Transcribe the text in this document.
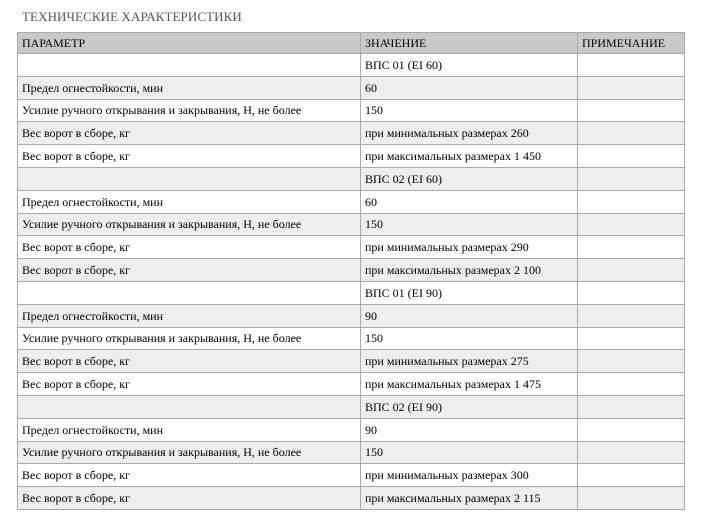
ТЕХНИЧЕСКИЕ ХАРАКТЕРИСТИКИ
ПАРАМЕТР	ЗНАЧЕНИЕ	ПРИМЕЧАНИЕ
	ВПС 01 (EI 60)	
Предел огнестойкости, мин	60	
Усилие ручного открывания и закрывания, Н, не более	150	
Вес ворот в сборе, кг	при минимальных размерах 260	
Вес ворот в сборе, кг	при максимальных размерах 1 450	
	ВПС 02 (EI 60)	
Предел огнестойкости, мин	60	
Усилие ручного открывания и закрывания, Н, не более	150	
Вес ворот в сборе, кг	при минимальных размерах 290	
Вес ворот в сборе, кг	при максимальных размерах 2 100	
	ВПС 01 (EI 90)	
Предел огнестойкости, мин	90	
Усилие ручного открывания и закрывания, Н, не более	150	
Вес ворот в сборе, кг	при минимальных размерах 275	
Вес ворот в сборе, кг	при максимальных размерах 1 475	
	ВПС 02 (EI 90)	
Предел огнестойкости, мин	90	
Усилие ручного открывания и закрывания, Н, не более	150	
Вес ворот в сборе, кг	при минимальных размерах 300	
Вес ворот в сборе, кг	при максимальных размерах 2 115	
